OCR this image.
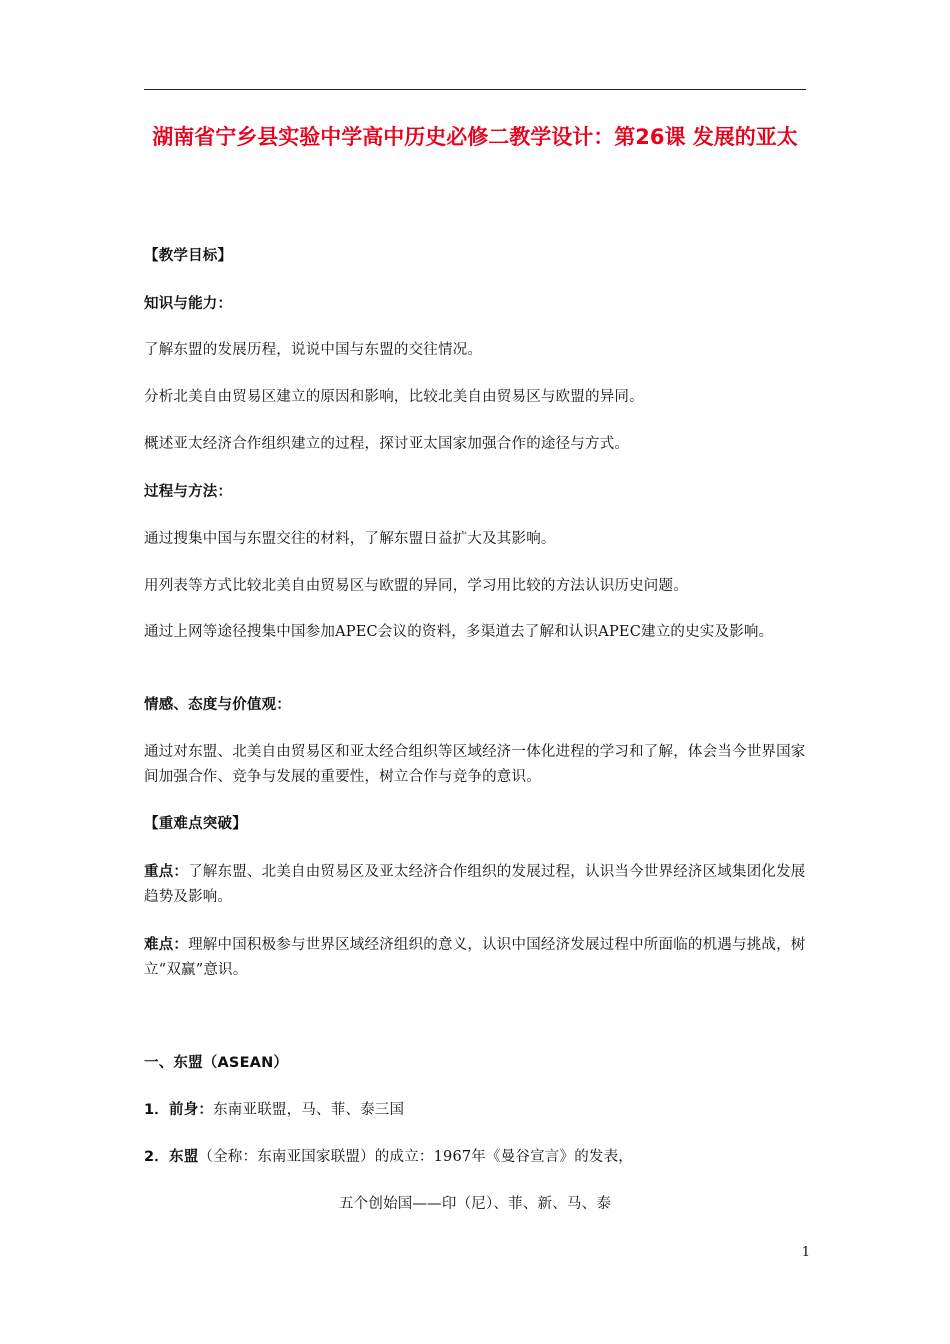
湖南省宁乡县实验中学高中历史必修二教学设计：第26课 发展的亚太
【教学目标】
知识与能力：
了解东盟的发展历程，说说中国与东盟的交往情况。
分析北美自由贸易区建立的原因和影响，比较北美自由贸易区与欧盟的异同。
概述亚太经济合作组织建立的过程，探讨亚太国家加强合作的途径与方式。
过程与方法：
通过搜集中国与东盟交往的材料，了解东盟日益扩大及其影响。
用列表等方式比较北美自由贸易区与欧盟的异同，学习用比较的方法认识历史问题。
通过上网等途径搜集中国参加APEC会议的资料，多渠道去了解和认识APEC建立的史实及影响。
情感、态度与价值观：
通过对东盟、北美自由贸易区和亚太经合组织等区域经济一体化进程的学习和了解，体会当今世界国家间加强合作、竞争与发展的重要性，树立合作与竞争的意识。
【重难点突破】
重点：了解东盟、北美自由贸易区及亚太经济合作组织的发展过程，认识当今世界经济区域集团化发展趋势及影响。
难点：理解中国积极参与世界区域经济组织的意义，认识中国经济发展过程中所面临的机遇与挑战，树立“双赢”意识。
一、东盟（ASEAN）
1．前身：东南亚联盟，马、菲、泰三国
2．东盟（全称：东南亚国家联盟）的成立：1967年《曼谷宣言》的发表，
五个创始国——印（尼）、菲、新、马、泰
1
